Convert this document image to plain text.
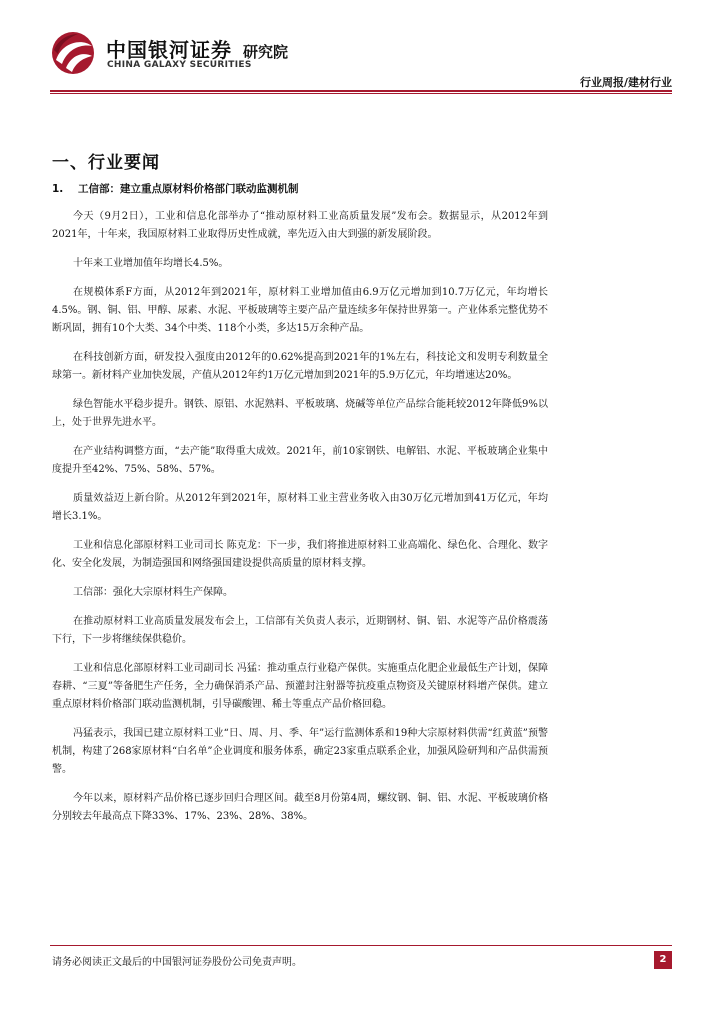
中国银河证券 研究院
CHINA GALAXY SECURITIES
行业周报/建材行业
一、行业要闻
1. 工信部：建立重点原材料价格部门联动监测机制

今天（9月2日），工业和信息化部举办了“推动原材料工业高质量发展”发布会。数据显示，从2012年到2021年，十年来，我国原材料工业取得历史性成就，率先迈入由大到强的新发展阶段。

十年来工业增加值年均增长4.5%。

在规模体系F方面，从2012年到2021年，原材料工业增加值由6.9万亿元增加到10.7万亿元，年均增长4.5%。钢、铜、铝、甲醇、尿素、水泥、平板玻璃等主要产品产量连续多年保持世界第一。产业体系完整优势不断巩固，拥有10个大类、34个中类、118个小类，多达15万余种产品。

在科技创新方面，研发投入强度由2012年的0.62%提高到2021年的1%左右，科技论文和发明专利数量全球第一。新材料产业加快发展，产值从2012年约1万亿元增加到2021年的5.9万亿元，年均增速达20%。

绿色智能水平稳步提升。钢铁、原铝、水泥熟料、平板玻璃、烧碱等单位产品综合能耗较2012年降低9%以上，处于世界先进水平。

在产业结构调整方面，“去产能”取得重大成效。2021年，前10家钢铁、电解铝、水泥、平板玻璃企业集中度提升至42%、75%、58%、57%。

质量效益迈上新台阶。从2012年到2021年，原材料工业主营业务收入由30万亿元增加到41万亿元，年均增长3.1%。

工业和信息化部原材料工业司司长 陈克龙：下一步，我们将推进原材料工业高端化、绿色化、合理化、数字化、安全化发展，为制造强国和网络强国建设提供高质量的原材料支撑。

工信部：强化大宗原材料生产保障。

在推动原材料工业高质量发展发布会上，工信部有关负责人表示，近期钢材、铜、铝、水泥等产品价格震荡下行，下一步将继续保供稳价。

工业和信息化部原材料工业司副司长 冯猛：推动重点行业稳产保供。实施重点化肥企业最低生产计划，保障春耕、“三夏”等备肥生产任务，全力确保消杀产品、预灌封注射器等抗疫重点物资及关键原材料增产保供。建立重点原材料价格部门联动监测机制，引导碳酸锂、稀土等重点产品价格回稳。

冯猛表示，我国已建立原材料工业“日、周、月、季、年”运行监测体系和19种大宗原材料供需“红黄蓝”预警机制，构建了268家原材料“白名单”企业调度和服务体系，确定23家重点联系企业，加强风险研判和产品供需预警。

今年以来，原材料产品价格已逐步回归合理区间。截至8月份第4周，螺纹钢、铜、铝、水泥、平板玻璃价格分别较去年最高点下降33%、17%、23%、28%、38%。

请务必阅读正文最后的中国银河证券股份公司免责声明。	2
